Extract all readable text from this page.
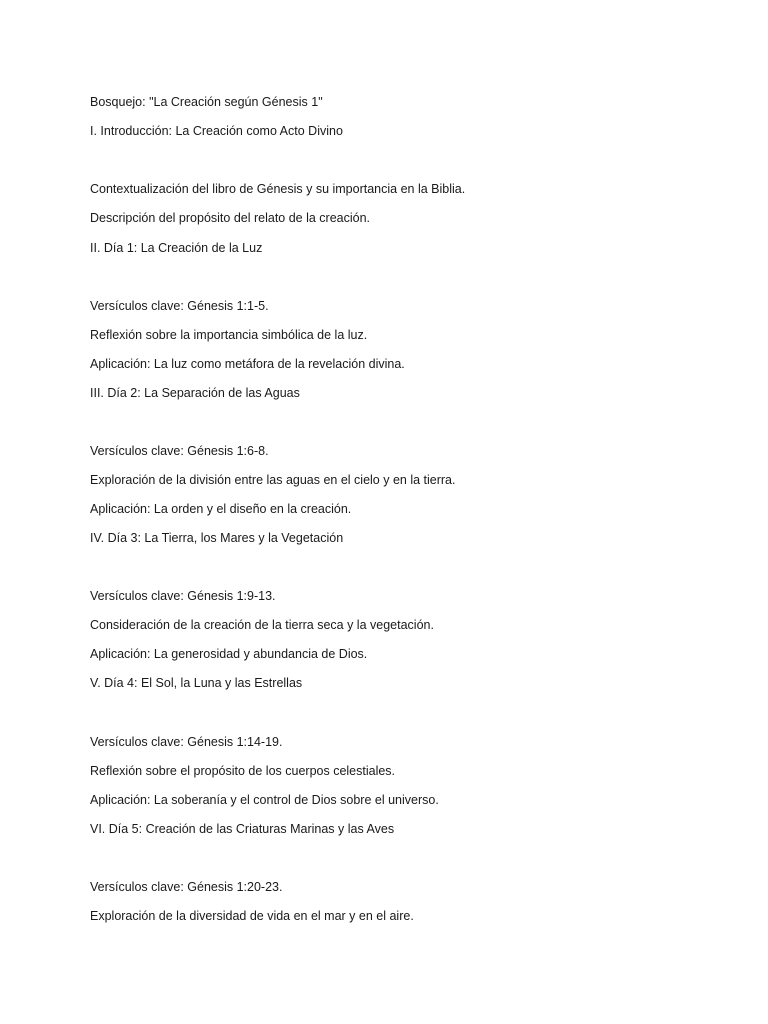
Bosquejo: "La Creación según Génesis 1"
I. Introducción: La Creación como Acto Divino
Contextualización del libro de Génesis y su importancia en la Biblia.
Descripción del propósito del relato de la creación.
II. Día 1: La Creación de la Luz
Versículos clave: Génesis 1:1-5.
Reflexión sobre la importancia simbólica de la luz.
Aplicación: La luz como metáfora de la revelación divina.
III. Día 2: La Separación de las Aguas
Versículos clave: Génesis 1:6-8.
Exploración de la división entre las aguas en el cielo y en la tierra.
Aplicación: La orden y el diseño en la creación.
IV. Día 3: La Tierra, los Mares y la Vegetación
Versículos clave: Génesis 1:9-13.
Consideración de la creación de la tierra seca y la vegetación.
Aplicación: La generosidad y abundancia de Dios.
V. Día 4: El Sol, la Luna y las Estrellas
Versículos clave: Génesis 1:14-19.
Reflexión sobre el propósito de los cuerpos celestiales.
Aplicación: La soberanía y el control de Dios sobre el universo.
VI. Día 5: Creación de las Criaturas Marinas y las Aves
Versículos clave: Génesis 1:20-23.
Exploración de la diversidad de vida en el mar y en el aire.
